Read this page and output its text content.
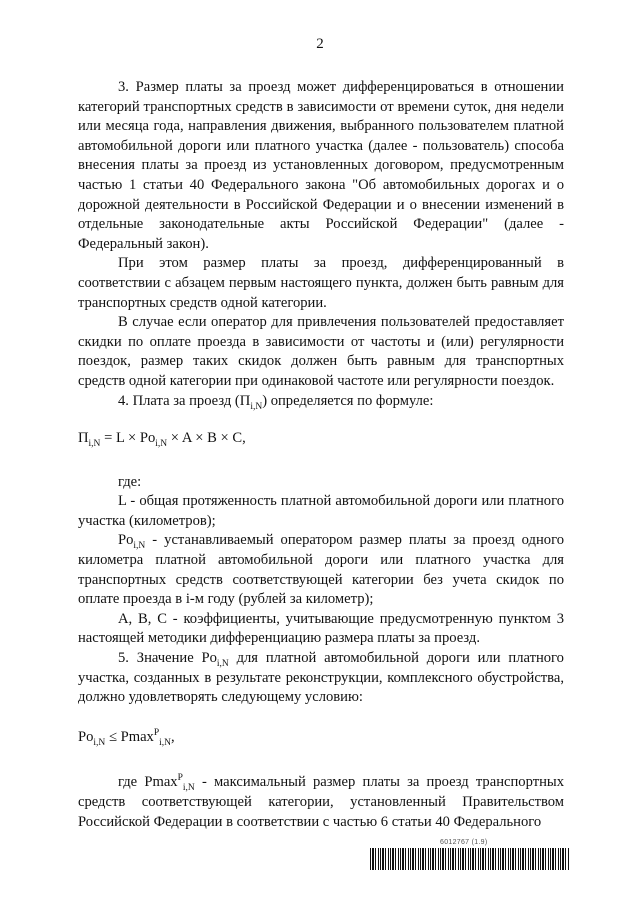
2

3. Размер платы за проезд может дифференцироваться в отношении категорий транспортных средств в зависимости от времени суток, дня недели или месяца года, направления движения, выбранного пользователем платной автомобильной дороги или платного участка (далее - пользователь) способа внесения платы за проезд из установленных договором, предусмотренным частью 1 статьи 40 Федерального закона "Об автомобильных дорогах и о дорожной деятельности в Российской Федерации и о внесении изменений в отдельные законодательные акты Российской Федерации" (далее - Федеральный закон).

При этом размер платы за проезд, дифференцированный в соответствии с абзацем первым настоящего пункта, должен быть равным для транспортных средств одной категории.

В случае если оператор для привлечения пользователей предоставляет скидки по оплате проезда в зависимости от частоты и (или) регулярности поездок, размер таких скидок должен быть равным для транспортных средств одной категории при одинаковой частоте или регулярности поездок.

4. Плата за проезд $(П_{i,N})$ определяется по формуле:

$П_{i,N} = L \times Po_{i,N} \times A \times B \times C$,

где:

L - общая протяженность платной автомобильной дороги или платного участка (километров);

$Po_{i,N}$ - устанавливаемый оператором размер платы за проезд одного километра платной автомобильной дороги или платного участка для транспортных средств соответствующей категории без учета скидок по оплате проезда в i-м году (рублей за километр);

A, B, C - коэффициенты, учитывающие предусмотренную пунктом 3 настоящей методики дифференциацию размера платы за проезд.

5. Значение $Po_{i,N}$ для платной автомобильной дороги или платного участка, созданных в результате реконструкции, комплексного обустройства, должно удовлетворять следующему условию:

$Po_{i,N} \le Pmax^P_{i,N}$,

где Pmax$^P_{i,N}$ - максимальный размер платы за проезд транспортных средств соответствующей категории, установленный Правительством Российской Федерации в соответствии с частью 6 статьи 40 Федерального

6012767 (1.9)
